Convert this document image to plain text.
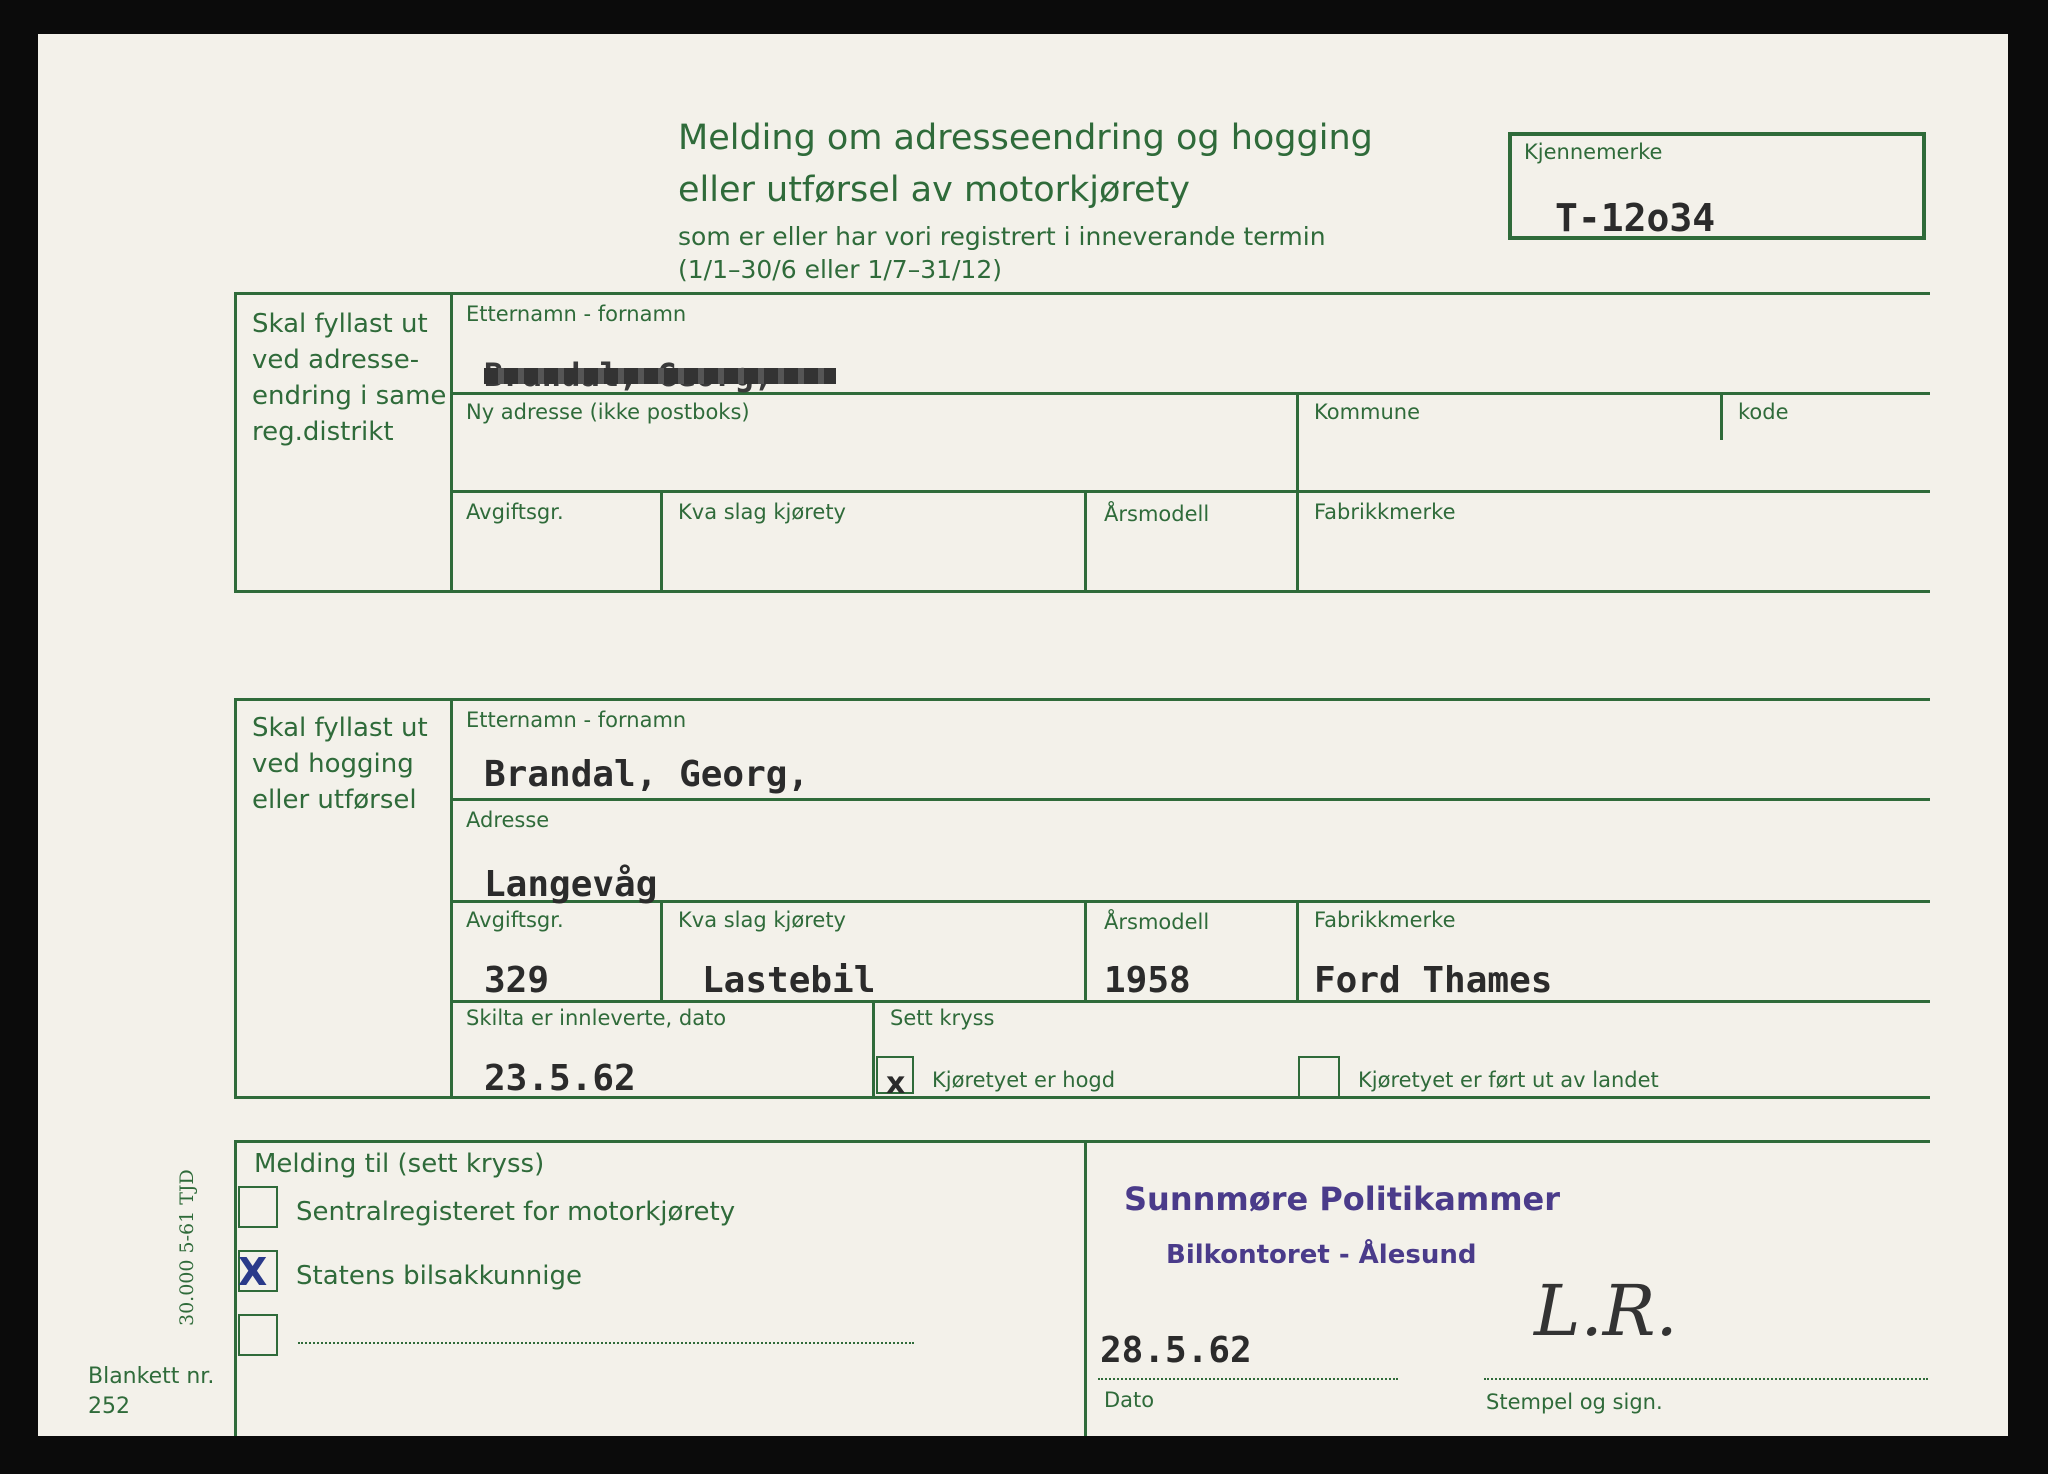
Melding om adresseendring og hogging
eller utførsel av motorkjørety
som er eller har vori registrert i inneverande termin
(1/1–30/6 eller 1/7–31/12)
Kjennemerke
T-12o34
Skal fyllast ut
ved adresse-
endring i same
reg.distrikt
Etternamn - fornamn
Ny adresse (ikke postboks)	Kommune	kode
Avgiftsgr.	Kva slag kjørety	Årsmodell	Fabrikkmerke
Skal fyllast ut
ved hogging
eller utførsel
Etternamn - fornamn
Brandal, Georg,
Adresse
Langevåg
Avgiftsgr.
329
Kva slag kjørety
Lastebil
Årsmodell
1958
Fabrikkmerke
Ford Thames
Skilta er innleverte, dato
23.5.62
Sett kryss
x Kjøretyet er hogd	Kjøretyet er ført ut av landet
Melding til (sett kryss)
Sentralregisteret for motorkjørety
X Statens bilsakkunnige
Sunnmøre Politikammer
Bilkontoret - Ålesund
28.5.62
Dato
L.R.
Stempel og sign.
30.000 5-61 TJD
Blankett nr.
252
